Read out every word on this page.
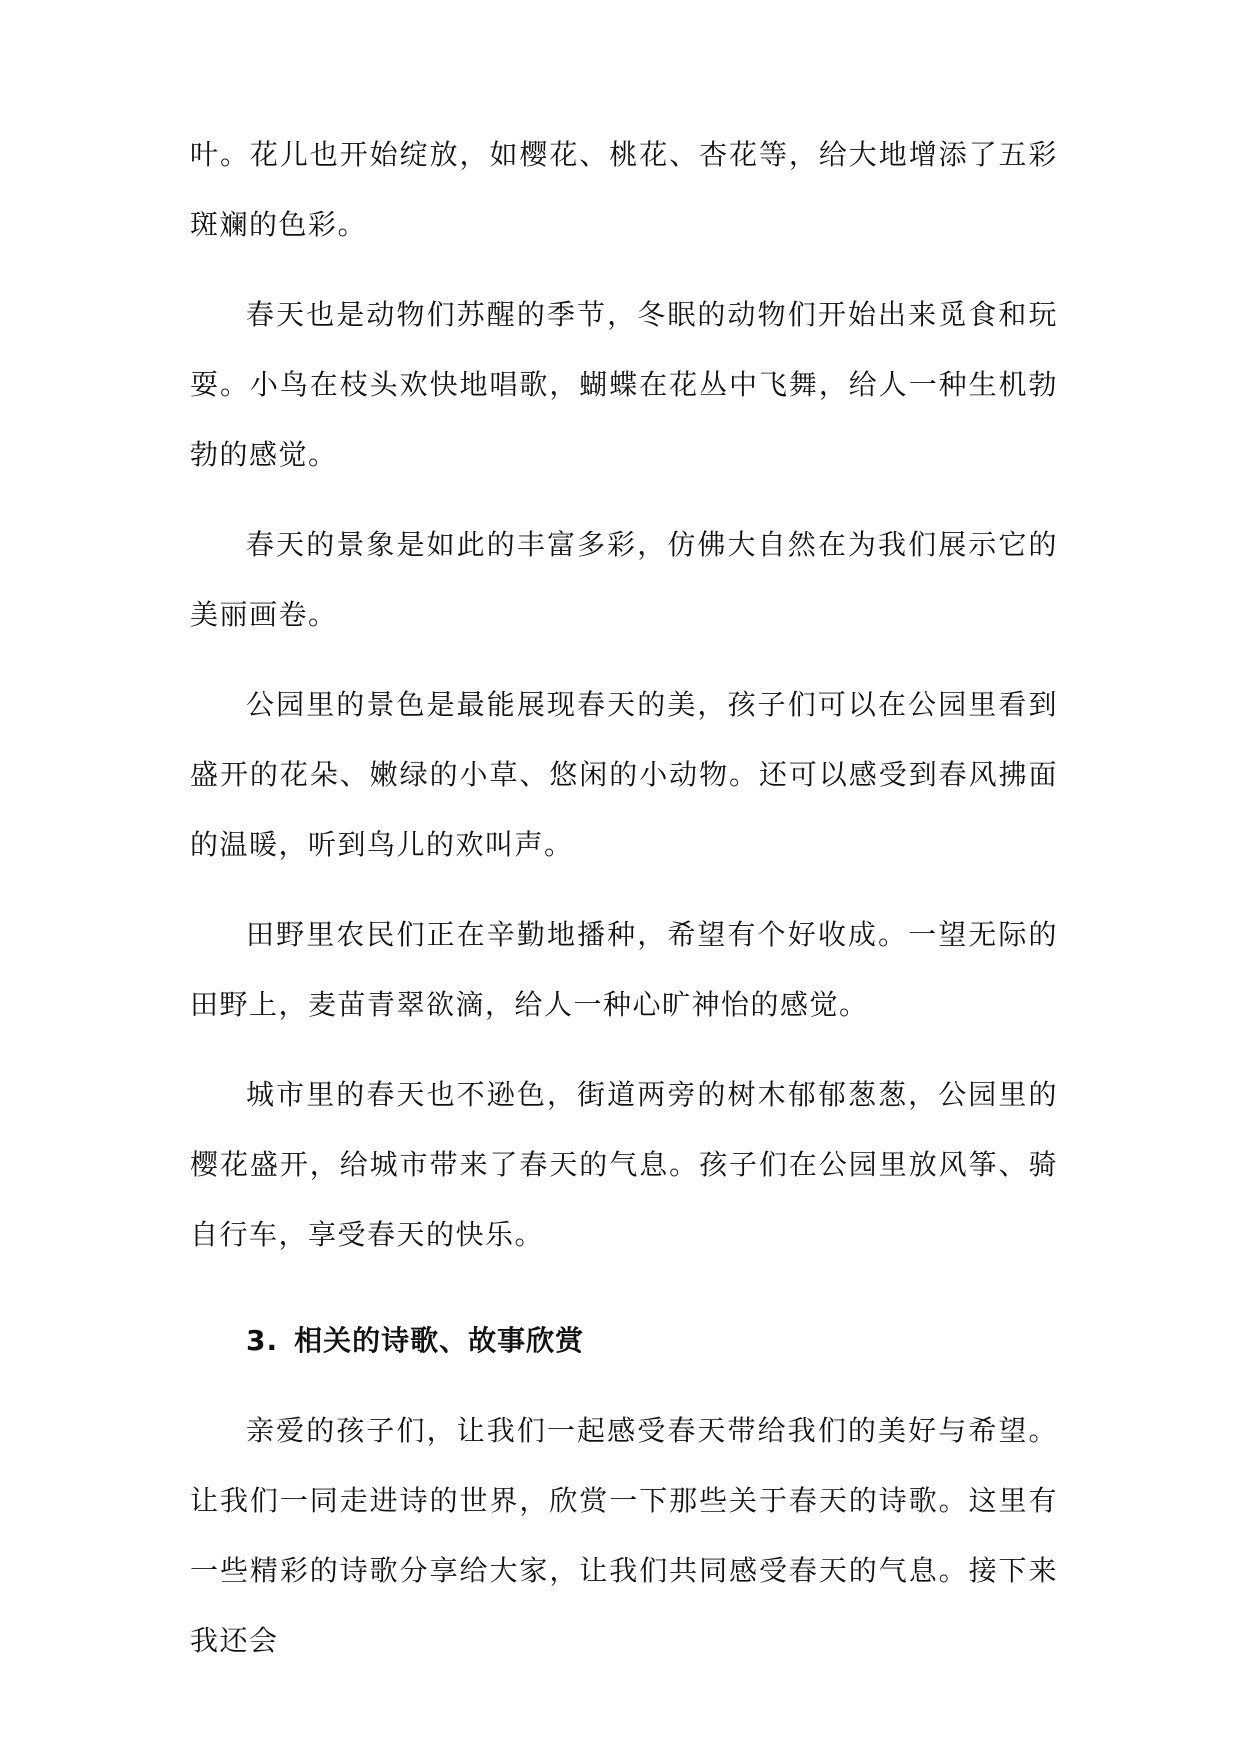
叶。花儿也开始绽放，如樱花、桃花、杏花等，给大地增添了五彩斑斓的色彩。

春天也是动物们苏醒的季节，冬眠的动物们开始出来觅食和玩耍。小鸟在枝头欢快地唱歌，蝴蝶在花丛中飞舞，给人一种生机勃勃的感觉。

春天的景象是如此的丰富多彩，仿佛大自然在为我们展示它的美丽画卷。

公园里的景色是最能展现春天的美，孩子们可以在公园里看到盛开的花朵、嫩绿的小草、悠闲的小动物。还可以感受到春风拂面的温暖，听到鸟儿的欢叫声。

田野里农民们正在辛勤地播种，希望有个好收成。一望无际的田野上，麦苗青翠欲滴，给人一种心旷神怡的感觉。

城市里的春天也不逊色，街道两旁的树木郁郁葱葱，公园里的樱花盛开，给城市带来了春天的气息。孩子们在公园里放风筝、骑自行车，享受春天的快乐。

3. 相关的诗歌、故事欣赏

亲爱的孩子们，让我们一起感受春天带给我们的美好与希望。让我们一同走进诗的世界，欣赏一下那些关于春天的诗歌。这里有一些精彩的诗歌分享给大家，让我们共同感受春天的气息。接下来我还会
